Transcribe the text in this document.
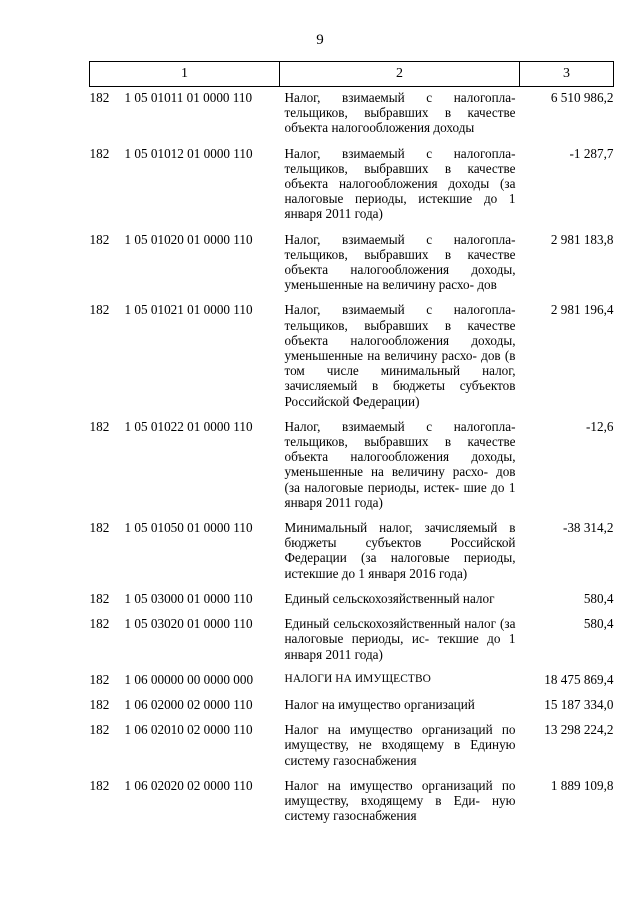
9
1	2	3
182 1 05 01011 01 0000 110	Налог, взимаемый с налогопла- тельщиков, выбравших в качестве объекта налогообложения доходы	6 510 986,2
182 1 05 01012 01 0000 110	Налог, взимаемый с налогопла- тельщиков, выбравших в качестве объекта налогообложения доходы (за налоговые периоды, истекшие до 1 января 2011 года)	-1 287,7
182 1 05 01020 01 0000 110	Налог, взимаемый с налогопла- тельщиков, выбравших в качестве объекта налогообложения доходы, уменьшенные на величину расхо- дов	2 981 183,8
182 1 05 01021 01 0000 110	Налог, взимаемый с налогопла- тельщиков, выбравших в качестве объекта налогообложения доходы, уменьшенные на величину расхо- дов (в том числе минимальный налог, зачисляемый в бюджеты субъектов Российской Федерации)	2 981 196,4
182 1 05 01022 01 0000 110	Налог, взимаемый с налогопла- тельщиков, выбравших в качестве объекта налогообложения доходы, уменьшенные на величину расхо- дов (за налоговые периоды, истек- шие до 1 января 2011 года)	-12,6
182 1 05 01050 01 0000 110	Минимальный налог, зачисляемый в бюджеты субъектов Российской Федерации (за налоговые периоды, истекшие до 1 января 2016 года)	-38 314,2
182 1 05 03000 01 0000 110	Единый сельскохозяйственный налог	580,4
182 1 05 03020 01 0000 110	Единый сельскохозяйственный налог (за налоговые периоды, ис- текшие до 1 января 2011 года)	580,4
182 1 06 00000 00 0000 000	НАЛОГИ НА ИМУЩЕСТВО	18 475 869,4
182 1 06 02000 02 0000 110	Налог на имущество организаций	15 187 334,0
182 1 06 02010 02 0000 110	Налог на имущество организаций по имуществу, не входящему в Единую систему газоснабжения	13 298 224,2
182 1 06 02020 02 0000 110	Налог на имущество организаций по имуществу, входящему в Еди- ную систему газоснабжения	1 889 109,8
